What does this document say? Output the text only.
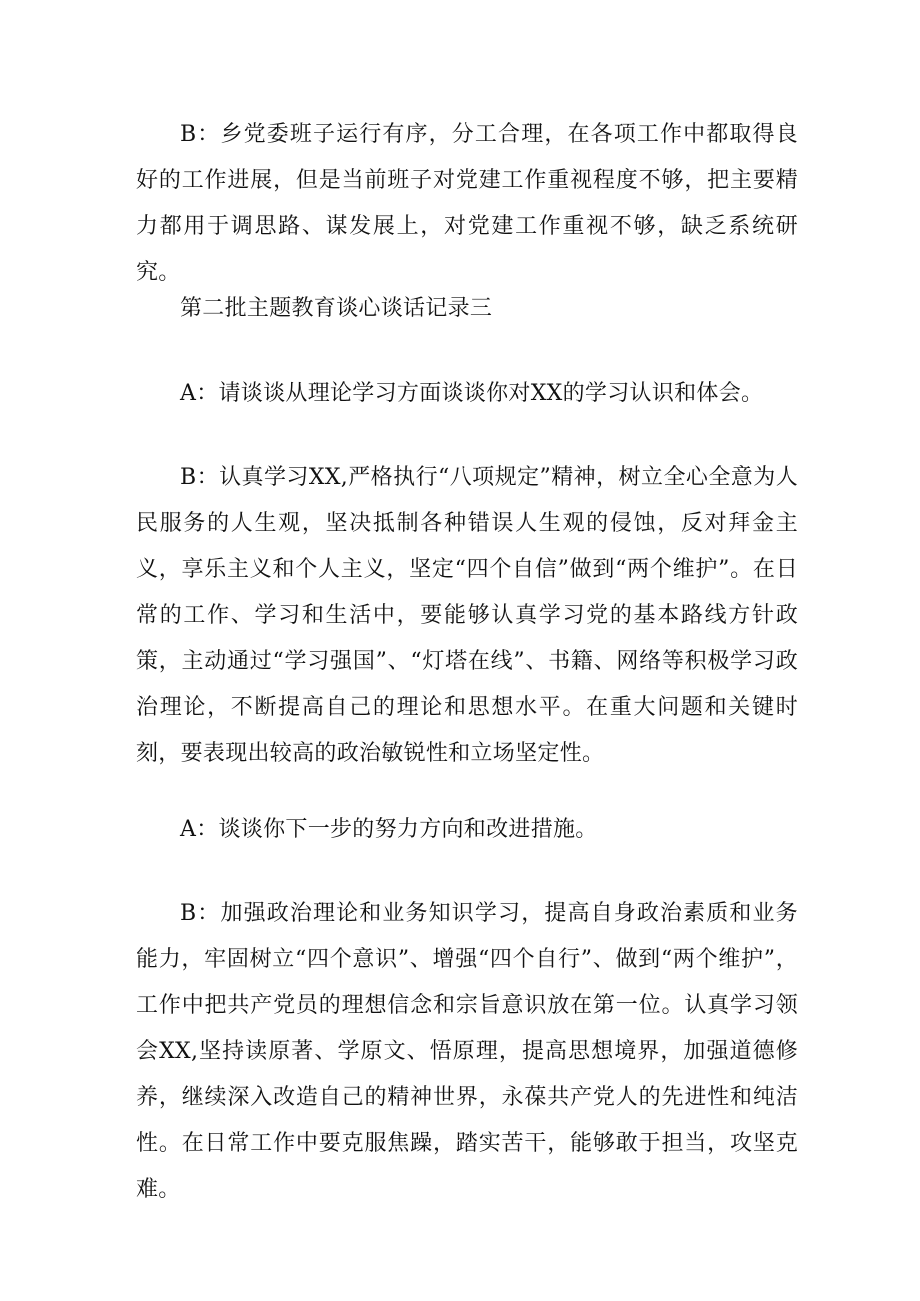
B：乡党委班子运行有序，分工合理，在各项工作中都取得良好的工作进展，但是当前班子对党建工作重视程度不够，把主要精力都用于调思路、谋发展上，对党建工作重视不够，缺乏系统研究。

第二批主题教育谈心谈话记录三

A：请谈谈从理论学习方面谈谈你对XX的学习认识和体会。

B：认真学习XX,严格执行“八项规定”精神，树立全心全意为人民服务的人生观，坚决抵制各种错误人生观的侵蚀，反对拜金主义，享乐主义和个人主义，坚定“四个自信”做到“两个维护”。在日常的工作、学习和生活中，要能够认真学习党的基本路线方针政策，主动通过“学习强国”、“灯塔在线”、书籍、网络等积极学习政治理论，不断提高自己的理论和思想水平。在重大问题和关键时刻，要表现出较高的政治敏锐性和立场坚定性。

A：谈谈你下一步的努力方向和改进措施。

B：加强政治理论和业务知识学习，提高自身政治素质和业务能力，牢固树立“四个意识”、增强“四个自行”、做到“两个维护”，工作中把共产党员的理想信念和宗旨意识放在第一位。认真学习领会XX,坚持读原著、学原文、悟原理，提高思想境界，加强道德修养，继续深入改造自己的精神世界，永葆共产党人的先进性和纯洁性。在日常工作中要克服焦躁，踏实苦干，能够敢于担当，攻坚克难。
